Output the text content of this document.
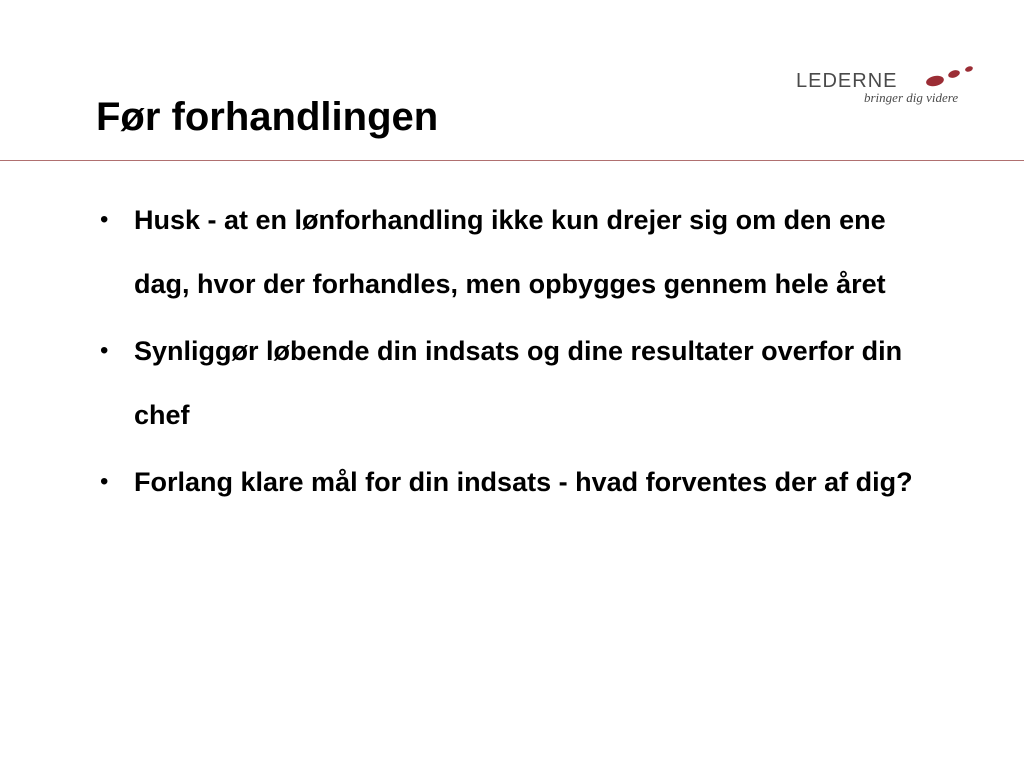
Før forhandlingen
LEDERNE
bringer dig videre
• Husk - at en lønforhandling ikke kun drejer sig om den ene dag, hvor der forhandles, men opbygges gennem hele året
• Synliggør løbende din indsats og dine resultater overfor din chef
• Forlang klare mål for din indsats - hvad forventes der af dig?
